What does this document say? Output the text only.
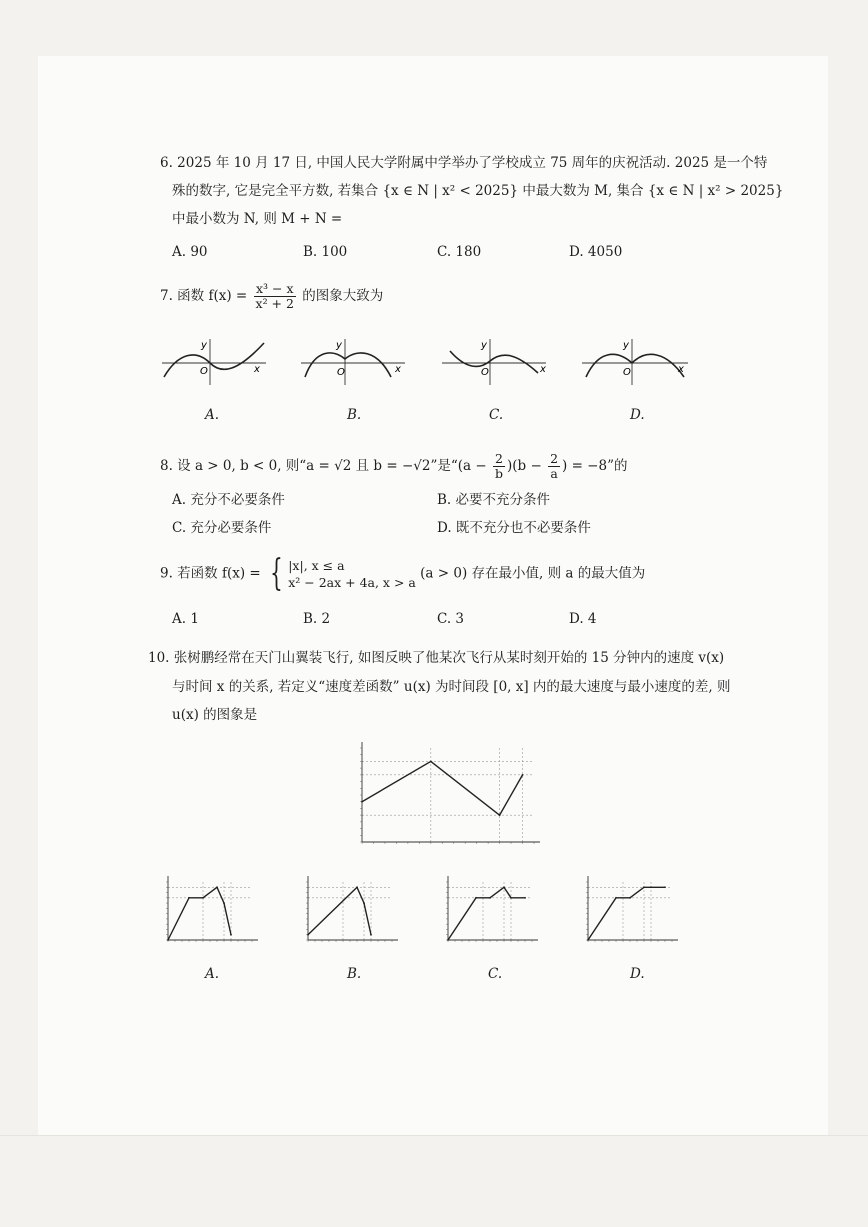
6. 2025 年 10 月 17 日, 中国人民大学附属中学举办了学校成立 75 周年的庆祝活动. 2025 是一个特
殊的数字, 它是完全平方数, 若集合 {x ∈ N | x² < 2025} 中最大数为 M, 集合 {x ∈ N | x² > 2025}
中最小数为 N, 则 M + N =
A. 90	B. 100	C. 180	D. 4050
7. 函数 $f(x) = \frac{\text{x³ − x}}{\text{x² + 2}}$ 的图象大致为
y
x
O
y
x
O
y
x
O
y
x
O
A.	B.	C.	D.
8. 设 a > 0, b < 0, 则“a = √2 且 b = −√2”是“$(a - \frac{2}{b} )(b - \frac{2}{a}$ ) = −8”的
A. 充分不必要条件	B. 必要不充分条件
C. 充分必要条件	D. 既不充分也不必要条件
9. 若函数 f(x) = { |x|, x ≤ a
x² − 2ax + 4a, x > a
(a > 0) 存在最小值, 则 a 的最大值为
A. 1	B. 2	C. 3	D. 4
10. 张树鹏经常在天门山翼装飞行, 如图反映了他某次飞行从某时刻开始的 15 分钟内的速度 v(x)
与时间 x 的关系, 若定义“速度差函数” u(x) 为时间段 [0, x] 内的最大速度与最小速度的差, 则
u(x) 的图象是
A.	B.	C.	D.
